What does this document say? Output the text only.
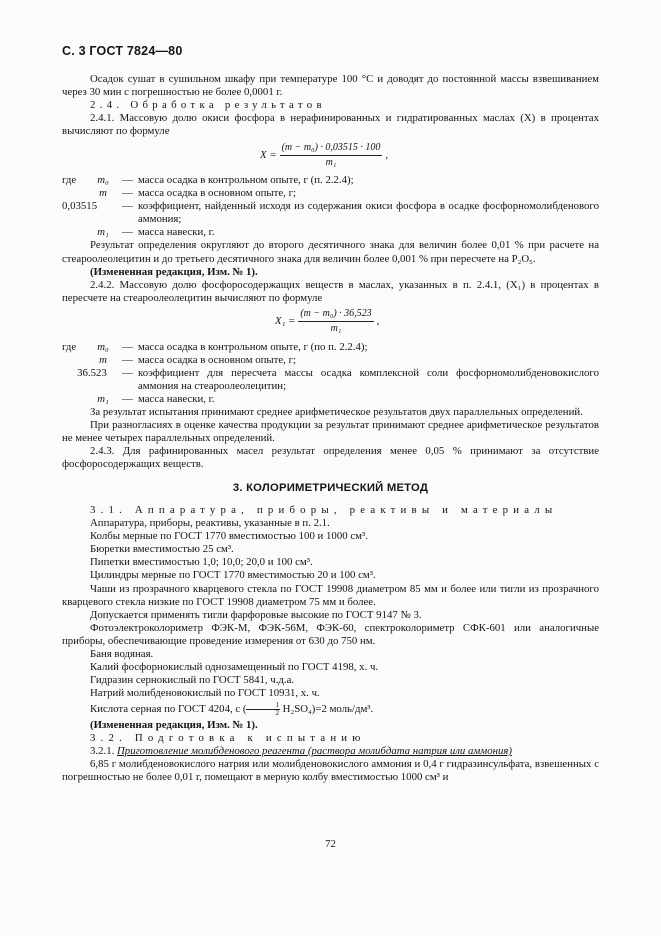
С. 3 ГОСТ 7824—80

Осадок сушат в сушильном шкафу при температуре 100 °С и доводят до постоянной массы взвешиванием через 30 мин с погрешностью не более 0,0001 г.

2.4. Обработка результатов

2.4.1. Массовую долю окиси фосфора в нерафинированных и гидратированных маслах (X) в процентах вычисляют по формуле

$X = \frac{\text{(m − m₀) · 0,03515 · 100}}{\text{m₁}}$ ,
где	m₀	—	масса осадка в контрольном опыте, г (п. 2.2.4);
	m	—	масса осадка в основном опыте, г;
0,03515		—	коэффициент, найденный исходя из содержания окиси фосфора в осадке фосфорномолибденового аммония;
	m₁	—	масса навески, г.

Результат определения округляют до второго десятичного знака для величин более 0,01 % при расчете на стеароолеолецитин и до третьего десятичного знака для величин более 0,001 % при пересчете на P₂O₅.

(Измененная редакция, Изм. № 1).

2.4.2. Массовую долю фосфоросодержащих веществ в маслах, указанных в п. 2.4.1, (X₁) в процентах в пересчете на стеароолеолецитин вычисляют по формуле

$X_1 = \frac{\text{(m − m₀) · 36,523}}{\text{m₁}}$ ,
где	m₀	—	масса осадка в контрольном опыте, г (по п. 2.2.4);
	m	—	масса осадка в основном опыте, г;
36.523		—	коэффициент для пересчета массы осадка комплексной соли фосфорномолибденовокислого аммония на стеароолеолецитин;
	m₁	—	масса навески, г.

За результат испытания принимают среднее арифметическое результатов двух параллельных определений.

При разногласиях в оценке качества продукции за результат принимают среднее арифметическое результатов не менее четырех параллельных определений.

2.4.3. Для рафинированных масел результат определения менее 0,05 % принимают за отсутствие фосфоросодержащих веществ.

3. КОЛОРИМЕТРИЧЕСКИЙ МЕТОД

3.1. Аппаратура, приборы, реактивы и материалы

Аппаратура, приборы, реактивы, указанные в п. 2.1.

Колбы мерные по ГОСТ 1770 вместимостью 100 и 1000 см³.

Бюретки вместимостью 25 см³.

Пипетки вместимостью 1,0; 10,0; 20,0 и 100 см³.

Цилиндры мерные по ГОСТ 1770 вместимостью 20 и 100 см³.

Чаши из прозрачного кварцевого стекла по ГОСТ 19908 диаметром 85 мм и более или тигли из прозрачного кварцевого стекла низкие по ГОСТ 19908 диаметром 75 мм и более.

Допускается применять тигли фарфоровые высокие по ГОСТ 9147 № 3.

Фотоэлектроколориметр ФЭК-М, ФЭК-56М, ФЭК-60, спектроколориметр СФК-601 или аналогичные приборы, обеспечивающие проведение измерения от 630 до 750 нм.

Баня водяная.

Калий фосфорнокислый однозамещенный по ГОСТ 4198, х. ч.

Гидразин сернокислый по ГОСТ 5841, ч.д.а.

Натрий молибденовокислый по ГОСТ 10931, х. ч.

Кислота серная по ГОСТ 4204, c ( $\frac{1}{2} H_2SO_4)=2$ моль/дм³.

(Измененная редакция, Изм. № 1).

3.2. Подготовка к испытанию

3.2.1. Приготовление молибденового реагента (раствора молибдата натрия или аммония)

6,85 г молибденовокислого натрия или молибденовокислого аммония и 0,4 г гидразинсульфата, взвешенных с погрешностью не более 0,01 г, помещают в мерную колбу вместимостью 1000 см³ и

72
